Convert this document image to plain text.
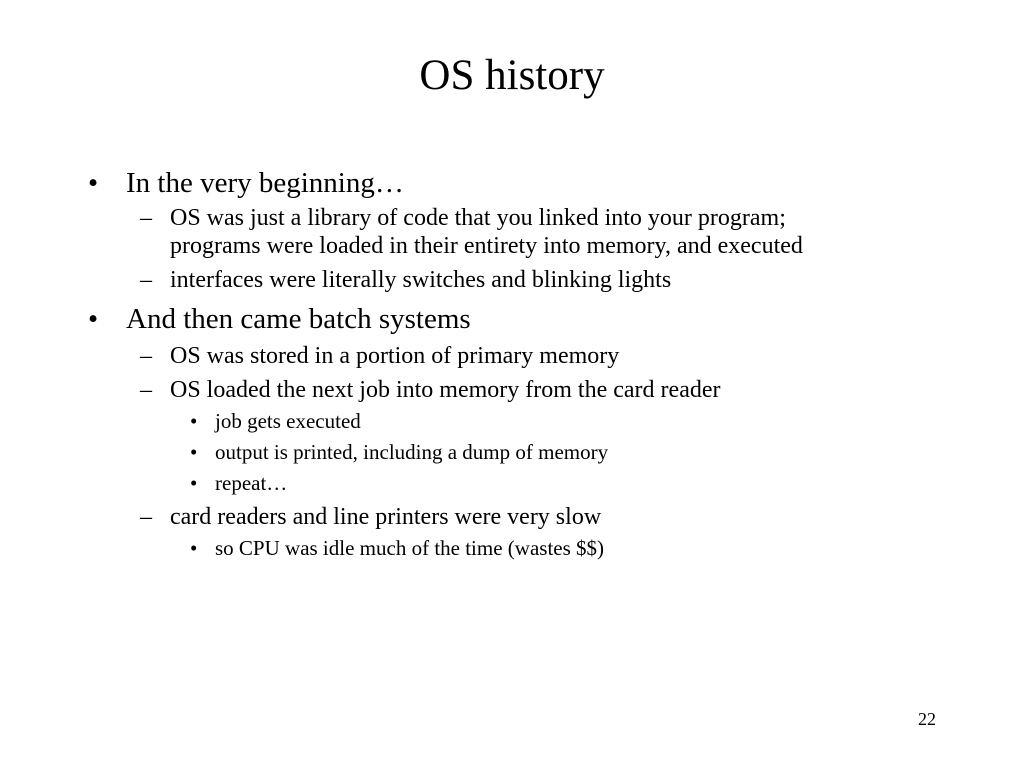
OS history
• In the very beginning…
– OS was just a library of code that you linked into your program;
programs were loaded in their entirety into memory, and executed
– interfaces were literally switches and blinking lights
• And then came batch systems
– OS was stored in a portion of primary memory
– OS loaded the next job into memory from the card reader
• job gets executed
• output is printed, including a dump of memory
• repeat…
– card readers and line printers were very slow
• so CPU was idle much of the time (wastes $$)
22
